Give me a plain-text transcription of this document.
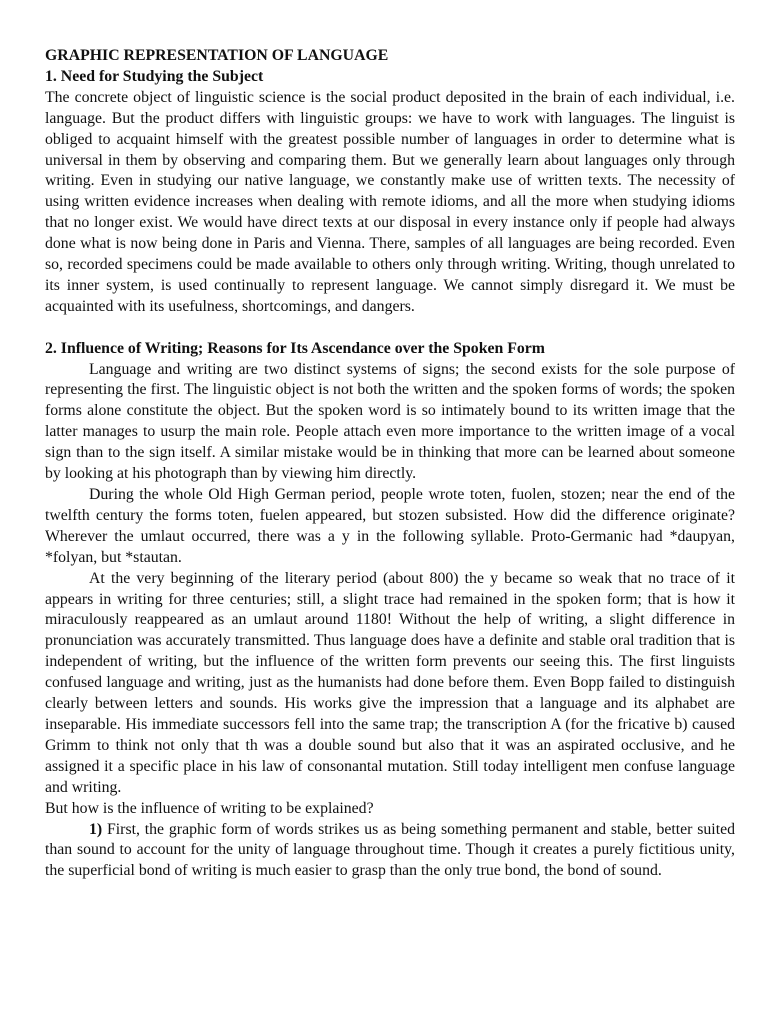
GRAPHIC REPRESENTATION OF LANGUAGE
1. Need for Studying the Subject

The concrete object of linguistic science is the social product deposited in the brain of each individual, i.e. language. But the product differs with linguistic groups: we have to work with languages. The linguist is obliged to acquaint himself with the greatest possible number of languages in order to determine what is universal in them by observing and comparing them. But we generally learn about languages only through writing. Even in studying our native language, we constantly make use of written texts. The necessity of using written evidence increases when dealing with remote idioms, and all the more when studying idioms that no longer exist. We would have direct texts at our disposal in every instance only if people had always done what is now being done in Paris and Vienna. There, samples of all languages are being recorded. Even so, recorded specimens could be made available to others only through writing. Writing, though unrelated to its inner system, is used continually to represent language. We cannot simply disregard it. We must be acquainted with its usefulness, shortcomings, and dangers.

2. Influence of Writing; Reasons for Its Ascendance over the Spoken Form

Language and writing are two distinct systems of signs; the second exists for the sole purpose of representing the first. The linguistic object is not both the written and the spoken forms of words; the spoken forms alone constitute the object. But the spoken word is so intimately bound to its written image that the latter manages to usurp the main role. People attach even more importance to the written image of a vocal sign than to the sign itself. A similar mistake would be in thinking that more can be learned about someone by looking at his photograph than by viewing him directly.

During the whole Old High German period, people wrote toten, fuolen, stozen; near the end of the twelfth century the forms toten, fuelen appeared, but stozen subsisted. How did the difference originate? Wherever the umlaut occurred, there was a y in the following syllable. Proto-Germanic had *daupyan, *folyan, but *stautan.

At the very beginning of the literary period (about 800) the y became so weak that no trace of it appears in writing for three centuries; still, a slight trace had remained in the spoken form; that is how it miraculously reappeared as an umlaut around 1180! Without the help of writing, a slight difference in pronunciation was accurately transmitted. Thus language does have a definite and stable oral tradition that is independent of writing, but the influence of the written form prevents our seeing this. The first linguists confused language and writing, just as the humanists had done before them. Even Bopp failed to distinguish clearly between letters and sounds. His works give the impression that a language and its alphabet are inseparable. His immediate successors fell into the same trap; the transcription A (for the fricative b) caused Grimm to think not only that th was a double sound but also that it was an aspirated occlusive, and he assigned it a specific place in his law of consonantal mutation. Still today intelligent men confuse language and writing.

But how is the influence of writing to be explained?

1) First, the graphic form of words strikes us as being something permanent and stable, better suited than sound to account for the unity of language throughout time. Though it creates a purely fictitious unity, the superficial bond of writing is much easier to grasp than the only true bond, the bond of sound.
